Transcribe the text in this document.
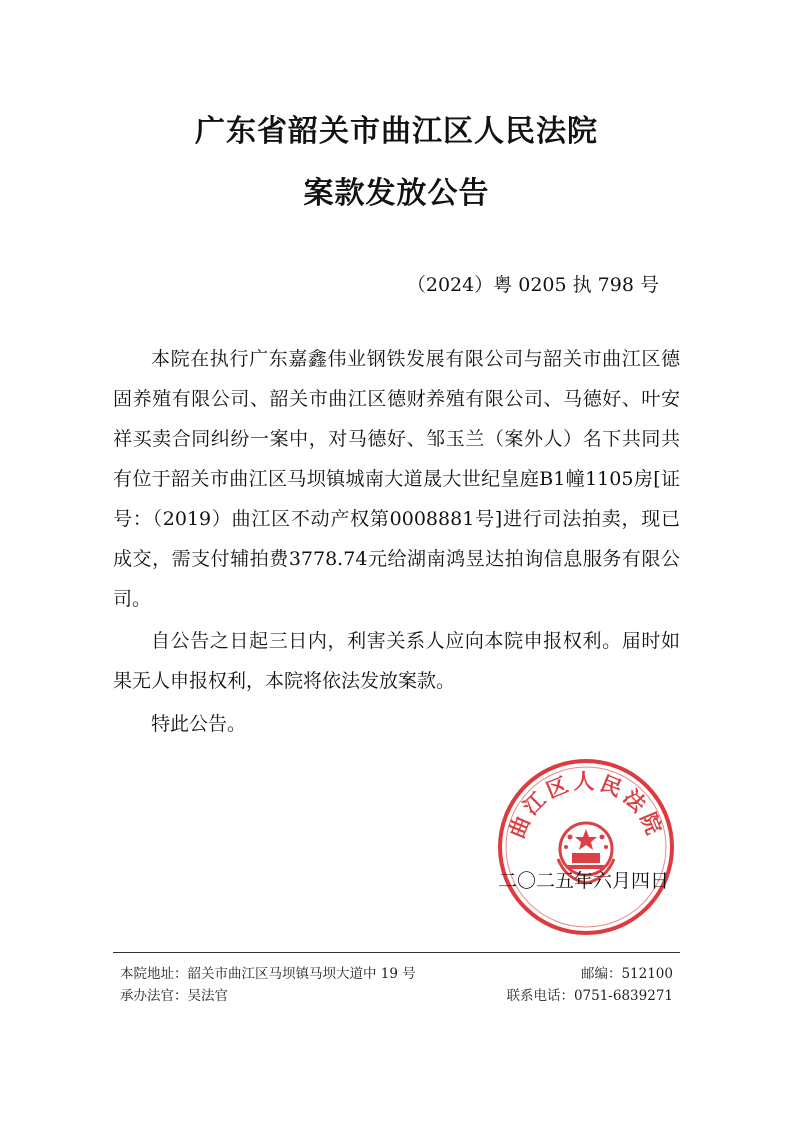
广东省韶关市曲江区人民法院
案款发放公告
（2024）粤 0205 执 798 号

本院在执行广东嘉鑫伟业钢铁发展有限公司与韶关市曲江区德固养殖有限公司、韶关市曲江区德财养殖有限公司、马德好、叶安祥买卖合同纠纷一案中，对马德好、邹玉兰（案外人）名下共同共有位于韶关市曲江区马坝镇城南大道晟大世纪皇庭B1幢1105房[证号：（2019）曲江区不动产权第0008881号]进行司法拍卖，现已成交，需支付辅拍费3778.74元给湖南鸿昱达拍询信息服务有限公司。

自公告之日起三日内，利害关系人应向本院申报权利。届时如果无人申报权利，本院将依法发放案款。

特此公告。

曲江区人民法院
二〇二五年六月四日
本院地址：韶关市曲江区马坝镇马坝大道中 19 号	邮编：512100
承办法官：吴法官	联系电话：0751-6839271
